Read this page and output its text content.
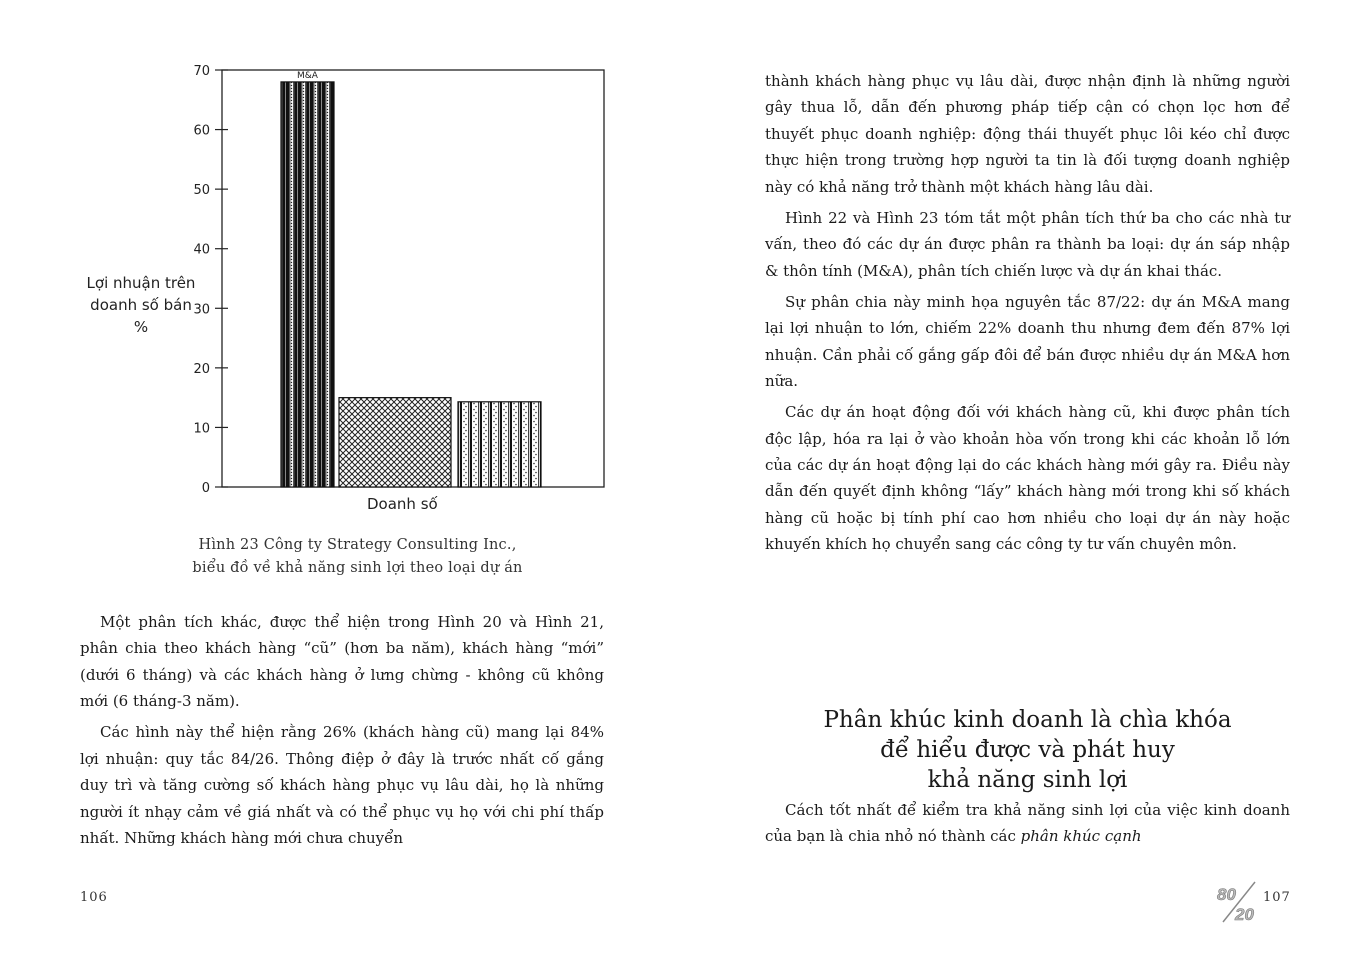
0
10
20
30
40
50
60
70	M&A
Lợi nhuận trên
doanh số bán
%
Doanh số
Hình 23 Công ty Strategy Consulting Inc.,
biểu đồ về khả năng sinh lợi theo loại dự án

Một phân tích khác, được thể hiện trong Hình 20 và Hình 21, phân chia theo khách hàng “cũ” (hơn ba năm), khách hàng “mới” (dưới 6 tháng) và các khách hàng ở lưng chừng - không cũ không mới (6 tháng-3 năm).

Các hình này thể hiện rằng 26% (khách hàng cũ) mang lại 84% lợi nhuận: quy tắc 84/26. Thông điệp ở đây là trước nhất cố gắng duy trì và tăng cường số khách hàng phục vụ lâu dài, họ là những người ít nhạy cảm về giá nhất và có thể phục vụ họ với chi phí thấp nhất. Những khách hàng mới chưa chuyển

106

thành khách hàng phục vụ lâu dài, được nhận định là những người gây thua lỗ, dẫn đến phương pháp tiếp cận có chọn lọc hơn để thuyết phục doanh nghiệp: động thái thuyết phục lôi kéo chỉ được thực hiện trong trường hợp người ta tin là đối tượng doanh nghiệp này có khả năng trở thành một khách hàng lâu dài.

Hình 22 và Hình 23 tóm tắt một phân tích thứ ba cho các nhà tư vấn, theo đó các dự án được phân ra thành ba loại: dự án sáp nhập & thôn tính (M&A), phân tích chiến lược và dự án khai thác.

Sự phân chia này minh họa nguyên tắc 87/22: dự án M&A mang lại lợi nhuận to lớn, chiếm 22% doanh thu nhưng đem đến 87% lợi nhuận. Cần phải cố gắng gấp đôi để bán được nhiều dự án M&A hơn nữa.

Các dự án hoạt động đối với khách hàng cũ, khi được phân tích độc lập, hóa ra lại ở vào khoản hòa vốn trong khi các khoản lỗ lớn của các dự án hoạt động lại do các khách hàng mới gây ra. Điều này dẫn đến quyết định không “lấy” khách hàng mới trong khi số khách hàng cũ hoặc bị tính phí cao hơn nhiều cho loại dự án này hoặc khuyến khích họ chuyển sang các công ty tư vấn chuyên môn.

Phân khúc kinh doanh là chìa khóa
để hiểu được và phát huy
khả năng sinh lợi

Cách tốt nhất để kiểm tra khả năng sinh lợi của việc kinh doanh của bạn là chia nhỏ nó thành các phân khúc cạnh

80
20
107
